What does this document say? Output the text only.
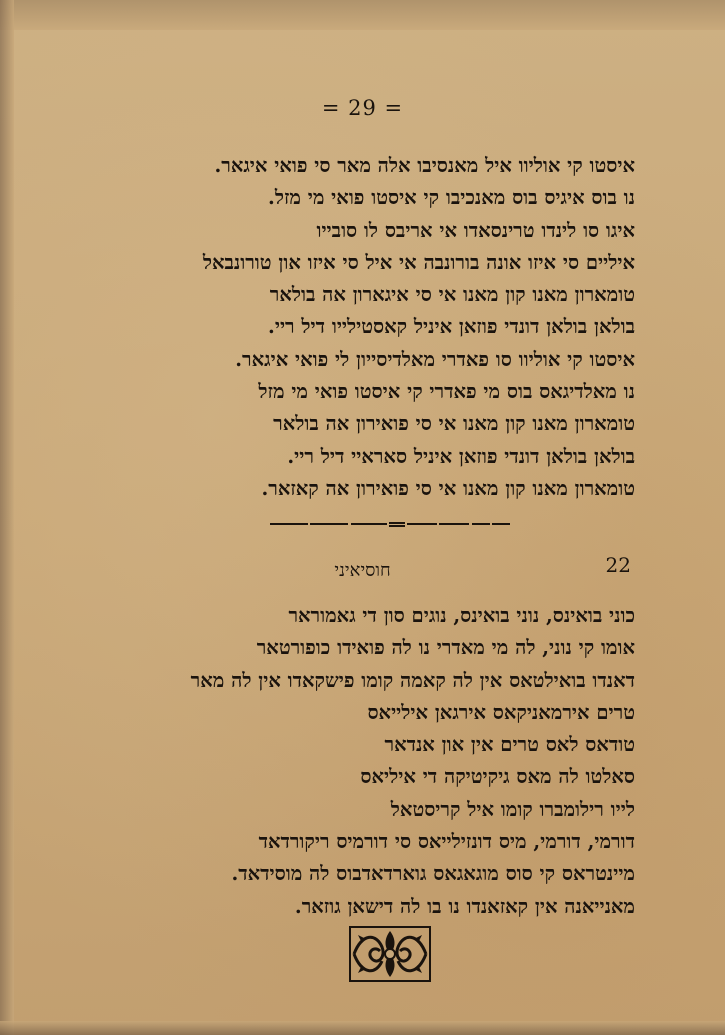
= 29 =
איסטו קי אוליוו איל מאנסיבו אלה מאר סי פואי איגאר.
נו בוס איגיס בוס מאנכיבו קי איסטו פואי מי מזל.
איגו סו לינדו טרינסאדו אי אריבס לו סובייו
איליים סי איזו אונה בורונבה אי איל סי איזו און טורונבאל
טומארון מאנו קון מאנו אי סי איגארון אה בולאר
בולאן בולאן דונדי פוזאן איניל קאסטילייו דיל ריי.
איסטו קי אוליוו סו פאדרי מאלדיסייון לי פואי איגאר.
נו מאלדיגאס בוס מי פאדרי קי איסטו פואי מי מזל
טומארון מאנו קון מאנו אי סי פואירון אה בולאר
בולאן בולאן דונדי פוזאן איניל סאראיי דיל ריי.
טומארון מאנו קון מאנו אי סי פואירון אה קאזאר.
22
חוסיאיני
כוני בואינס, נוני בואינס, נוגים סון די גאמוראר
אומו קי נוני, לה מי מאדרי נו לה פואידו כופורטאר
דאנדו בואילטאס אין לה קאמה קומו פישקאדו אין לה מאר
טרים אירמאניקאס אירגאן אילייאס
טודאס לאס טרים אין און אנדאר
סאלטו לה מאס גיקיטיקה די איליאס
לייו רילומברו קומו איל קריסטאל
דורמי, דורמי, מיס דונזילייאס סי דורמיס ריקורדאד
מיינטראס קי סוס מוגאגאס גוארדאדבוס לה מוסידאד.
מאנייאנה אין קאזאנדו נו בו לה דישאן גוזאר.
